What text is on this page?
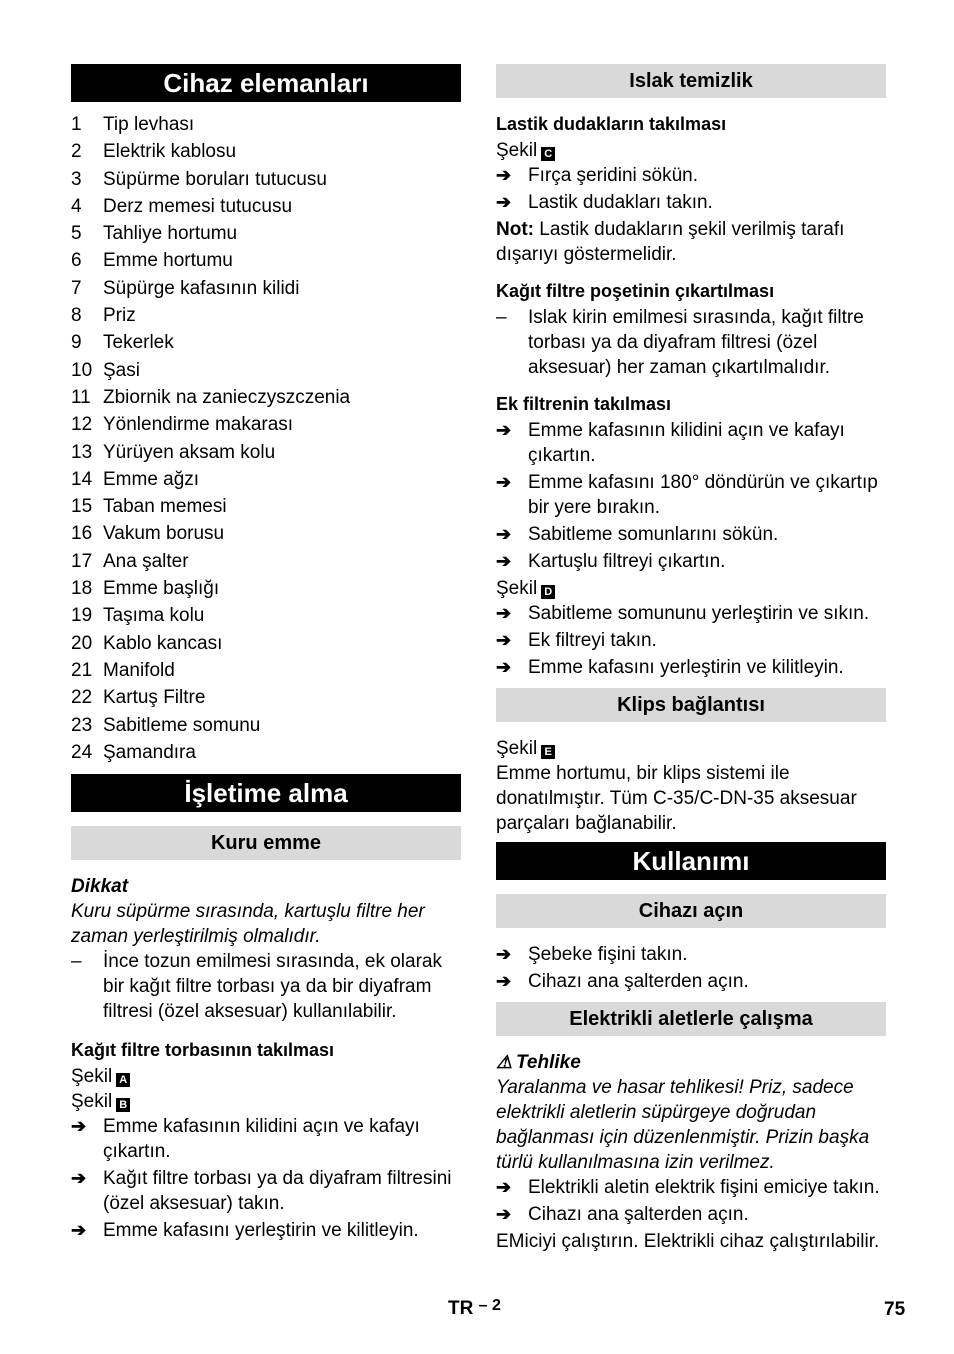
Cihaz elemanları
1	Tip levhası
2	Elektrik kablosu
3	Süpürme boruları tutucusu
4	Derz memesi tutucusu
5	Tahliye hortumu
6	Emme hortumu
7	Süpürge kafasının kilidi
8	Priz
9	Tekerlek
10 Şasi
11 Zbiornik na zanieczyszczenia
12 Yönlendirme makarası
13 Yürüyen aksam kolu
14 Emme ağzı
15 Taban memesi
16 Vakum borusu
17 Ana şalter
18 Emme başlığı
19 Taşıma kolu
20 Kablo kancası
21 Manifold
22 Kartuş Filtre
23 Sabitleme somunu
24 Şamandıra
İşletime alma
Kuru emme
Dikkat
Kuru süpürme sırasında, kartuşlu filtre her zaman yerleştirilmiş olmalıdır.
–	İnce tozun emilmesi sırasında, ek olarak bir kağıt filtre torbası ya da bir diyafram filtresi (özel aksesuar) kullanılabilir.
Kağıt filtre torbasının takılması
Şekil A
Şekil B
➔ Emme kafasının kilidini açın ve kafayı çıkartın.
➔ Kağıt filtre torbası ya da diyafram filtresini (özel aksesuar) takın.
➔ Emme kafasını yerleştirin ve kilitleyin.
Islak temizlik
Lastik dudakların takılması
Şekil C
➔ Fırça şeridini sökün.
➔ Lastik dudakları takın.
Not: Lastik dudakların şekil verilmiş tarafı dışarıyı göstermelidir.
Kağıt filtre poşetinin çıkartılması
–	Islak kirin emilmesi sırasında, kağıt filtre torbası ya da diyafram filtresi (özel aksesuar) her zaman çıkartılmalıdır.
Ek filtrenin takılması
➔ Emme kafasının kilidini açın ve kafayı çıkartın.
➔ Emme kafasını 180° döndürün ve çıkartıp bir yere bırakın.
➔ Sabitleme somunlarını sökün.
➔ Kartuşlu filtreyi çıkartın.
Şekil D
➔ Sabitleme somununu yerleştirin ve sıkın.
➔ Ek filtreyi takın.
➔ Emme kafasını yerleştirin ve kilitleyin.
Klips bağlantısı
Şekil E
Emme hortumu, bir klips sistemi ile donatılmıştır. Tüm C-35/C-DN-35 aksesuar parçaları bağlanabilir.
Kullanımı
Cihazı açın
➔ Şebeke fişini takın.
➔ Cihazı ana şalterden açın.
Elektrikli aletlerle çalışma
⚠ Tehlike
Yaralanma ve hasar tehlikesi! Priz, sadece elektrikli aletlerin süpürgeye doğrudan bağlanması için düzenlenmiştir. Prizin başka türlü kullanılmasına izin verilmez.
➔ Elektrikli aletin elektrik fişini emiciye takın.
➔ Cihazı ana şalterden açın.
EMiciyi çalıştırın. Elektrikli cihaz çalıştırılabilir.
TR $^{- 2}$	75
